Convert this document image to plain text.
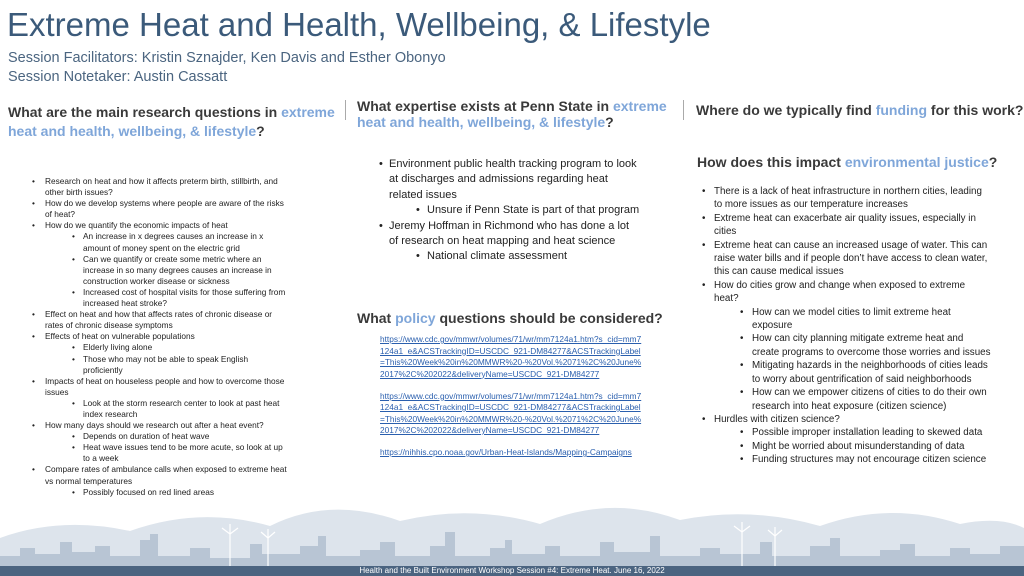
Extreme Heat and Health, Wellbeing, & Lifestyle
Session Facilitators: Kristin Sznajder, Ken Davis and Esther Obonyo
Session Notetaker: Austin Cassatt
What are the main research questions in extreme heat and health, wellbeing, & lifestyle?
What expertise exists at Penn State in extreme heat and health, wellbeing, & lifestyle?
Where do we typically find funding for this work?
How does this impact environmental justice?
• Research on heat and how it affects preterm birth, stillbirth, and other birth issues?
• How do we develop systems where people are aware of the risks of heat?
• How do we quantify the economic impacts of heat
• An increase in x degrees causes an increase in x amount of money spent on the electric grid
• Can we quantify or create some metric where an increase in so many degrees causes an increase in construction worker disease or sickness
• Increased cost of hospital visits for those suffering from increased heat stroke?
• Effect on heat and how that affects rates of chronic disease or rates of chronic disease symptoms
• Effects of heat on vulnerable populations
• Elderly living alone
• Those who may not be able to speak English proficiently
• Impacts of heat on houseless people and how to overcome those issues
• Look at the storm research center to look at past heat index research
• How many days should we research out after a heat event?
• Depends on duration of heat wave
• Heat wave issues tend to be more acute, so look at up to a week
• Compare rates of ambulance calls when exposed to extreme heat vs normal temperatures
• Possibly focused on red lined areas
• Environment public health tracking program to look at discharges and admissions regarding heat related issues
• Unsure if Penn State is part of that program
• Jeremy Hoffman in Richmond who has done a lot of research on heat mapping and heat science
• National climate assessment
What policy questions should be considered?

https://www.cdc.gov/mmwr/volumes/71/wr/mm7124a1.htm?s_cid=mm7124a1_e&ACSTrackingID=USCDC_921-DM84277&ACSTrackingLabel=This%20Week%20in%20MMWR%20-%20Vol.%2071%2C%20June%2017%2C%202022&deliveryName=USCDC_921-DM84277

https://www.cdc.gov/mmwr/volumes/71/wr/mm7124a1.htm?s_cid=mm7124a1_e&ACSTrackingID=USCDC_921-DM84277&ACSTrackingLabel=This%20Week%20in%20MMWR%20-%20Vol.%2071%2C%20June%2017%2C%202022&deliveryName=USCDC_921-DM84277

https://nihhis.cpo.noaa.gov/Urban-Heat-Islands/Mapping-Campaigns

• There is a lack of heat infrastructure in northern cities, leading to more issues as our temperature increases
• Extreme heat can exacerbate air quality issues, especially in cities
• Extreme heat can cause an increased usage of water. This can raise water bills and if people don’t have access to clean water, this can cause medical issues
• How do cities grow and change when exposed to extreme heat?
• How can we model cities to limit extreme heat exposure
• How can city planning mitigate extreme heat and create programs to overcome those worries and issues
• Mitigating hazards in the neighborhoods of cities leads to worry about gentrification of said neighborhoods
• How can we empower citizens of cities to do their own research into heat exposure (citizen science)
• Hurdles with citizen science?
• Possible improper installation leading to skewed data
• Might be worried about misunderstanding of data
• Funding structures may not encourage citizen science
Health and the Built Environment Workshop Session #4: Extreme Heat. June 16, 2022
